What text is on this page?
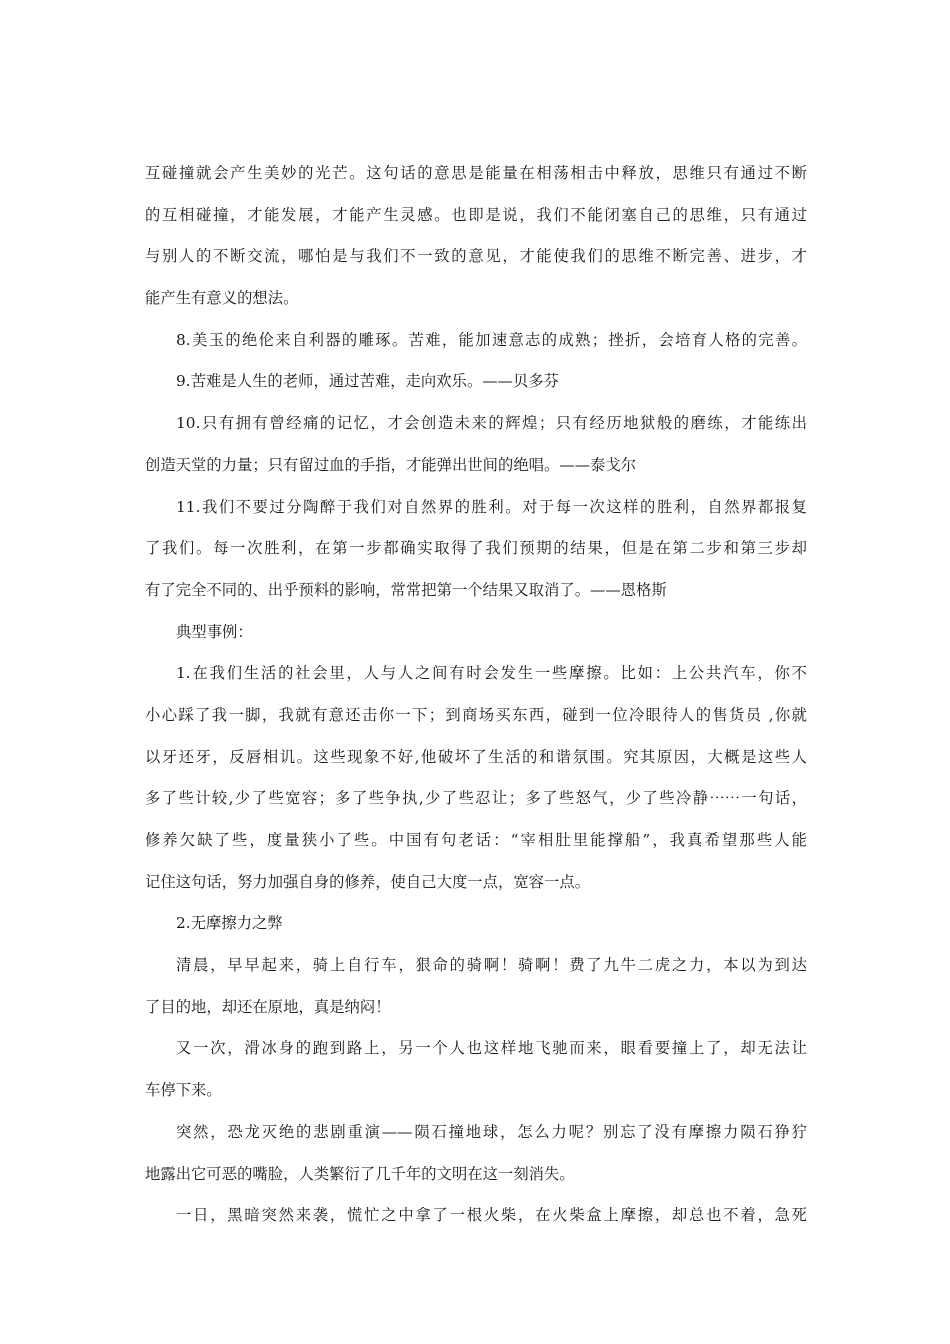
互碰撞就会产生美妙的光芒。这句话的意思是能量在相荡相击中释放，思维只有通过不断
的互相碰撞，才能发展，才能产生灵感。也即是说，我们不能闭塞自己的思维，只有通过
与别人的不断交流，哪怕是与我们不一致的意见，才能使我们的思维不断完善、进步，才
能产生有意义的想法。
8.美玉的绝伦来自利器的雕琢。苦难，能加速意志的成熟；挫折，会培育人格的完善。
9.苦难是人生的老师，通过苦难，走向欢乐。——贝多芬
10.只有拥有曾经痛的记忆，才会创造未来的辉煌；只有经历地狱般的磨练，才能练出
创造天堂的力量；只有留过血的手指，才能弹出世间的绝唱。——泰戈尔
11.我们不要过分陶醉于我们对自然界的胜利。对于每一次这样的胜利，自然界都报复
了我们。每一次胜利，在第一步都确实取得了我们预期的结果，但是在第二步和第三步却
有了完全不同的、出乎预料的影响，常常把第一个结果又取消了。——恩格斯
典型事例：
1.在我们生活的社会里，人与人之间有时会发生一些摩擦。比如：上公共汽车，你不
小心踩了我一脚，我就有意还击你一下；到商场买东西，碰到一位冷眼待人的售货员 ,你就
以牙还牙，反唇相讥。这些现象不好,他破坏了生活的和谐氛围。究其原因，大概是这些人
多了些计较,少了些宽容；多了些争执,少了些忍让；多了些怒气，少了些冷静⋯⋯一句话，
修养欠缺了些，度量狭小了些。中国有句老话：“宰相肚里能撑船”，我真希望那些人能
记住这句话，努力加强自身的修养，使自己大度一点，宽容一点。
2.无摩擦力之弊
清晨，早早起来，骑上自行车，狠命的骑啊！骑啊！费了九牛二虎之力，本以为到达
了目的地，却还在原地，真是纳闷！
又一次，滑冰身的跑到路上，另一个人也这样地飞驰而来，眼看要撞上了，却无法让
车停下来。
突然，恐龙灭绝的悲剧重演——陨石撞地球，怎么力呢？别忘了没有摩擦力陨石狰狞
地露出它可恶的嘴脸，人类繁衍了几千年的文明在这一刻消失。
一日，黑暗突然来袭，慌忙之中拿了一根火柴，在火柴盒上摩擦，却总也不着，急死
